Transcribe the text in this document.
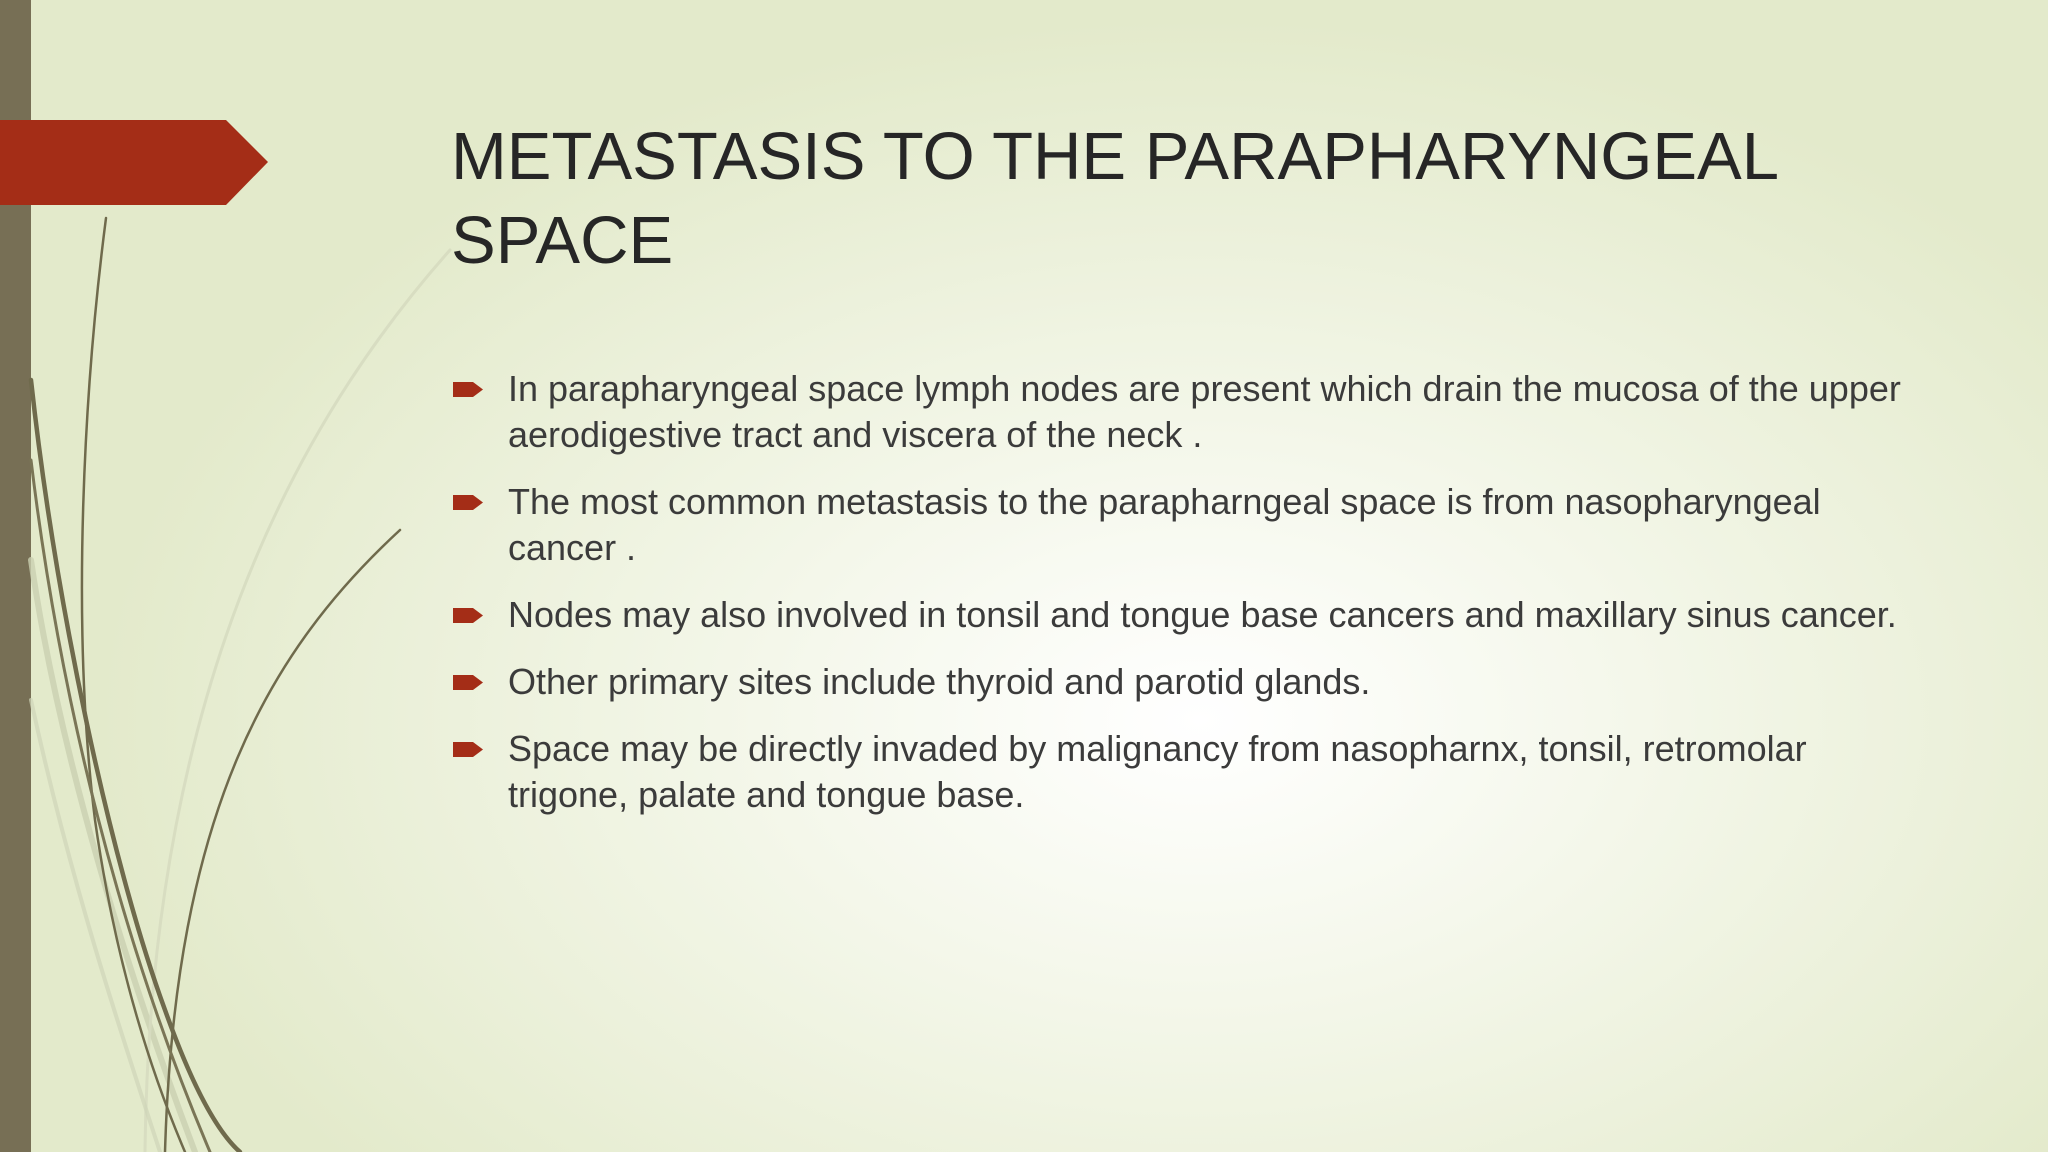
METASTASIS TO THE PARAPHARYNGEAL SPACE
In parapharyngeal space lymph nodes are present which drain the mucosa of the upper aerodigestive tract and viscera of the neck .
The most common metastasis to the parapharngeal space is from nasopharyngeal cancer .
Nodes may also involved in tonsil and tongue base cancers and maxillary sinus cancer.
Other primary sites include thyroid and parotid glands.
Space may be directly invaded by malignancy from nasopharnx, tonsil, retromolar trigone, palate and tongue base.
